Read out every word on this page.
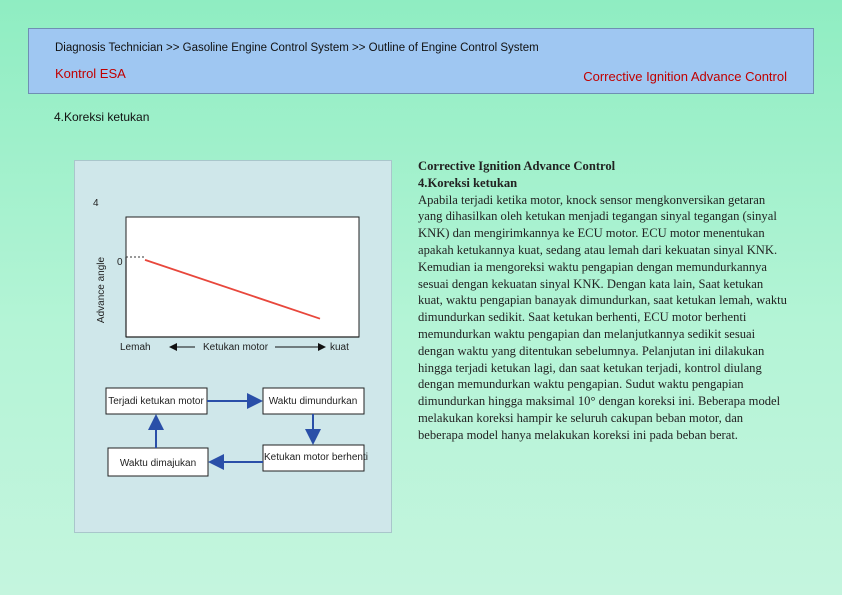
Diagnosis Technician >> Gasoline Engine Control System >> Outline of Engine Control System
Kontrol ESA	Corrective Ignition Advance Control
4.Koreksi ketukan
Advance angle
4
0
Lemah	Ketukan motor	kuat
Terjadi ketukan motor	Waktu dimundurkan
Ketukan motor berhenti
Waktu dimajukan

Corrective Ignition Advance Control

4.Koreksi ketukan

Apabila terjadi ketika motor, knock sensor mengkonversikan getaran yang dihasilkan oleh ketukan menjadi tegangan sinyal tegangan (sinyal KNK) dan mengirimkannya ke ECU motor. ECU motor menentukan apakah ketukannya kuat, sedang atau lemah dari kekuatan sinyal KNK. Kemudian ia mengoreksi waktu pengapian dengan memundurkannya sesuai dengan kekuatan sinyal KNK. Dengan kata lain, Saat ketukan kuat, waktu pengapian banayak dimundurkan, saat ketukan lemah, waktu dimundurkan sedikit. Saat ketukan berhenti, ECU motor berhenti memundurkan waktu pengapian dan melanjutkannya sedikit sesuai dengan waktu yang ditentukan sebelumnya. Pelanjutan ini dilakukan hingga terjadi ketukan lagi, dan saat ketukan terjadi, kontrol diulang dengan memundurkan waktu pengapian. Sudut waktu pengapian dimundurkan hingga maksimal 10° dengan koreksi ini. Beberapa model melakukan koreksi hampir ke seluruh cakupan beban motor, dan beberapa model hanya melakukan koreksi ini pada beban berat.
